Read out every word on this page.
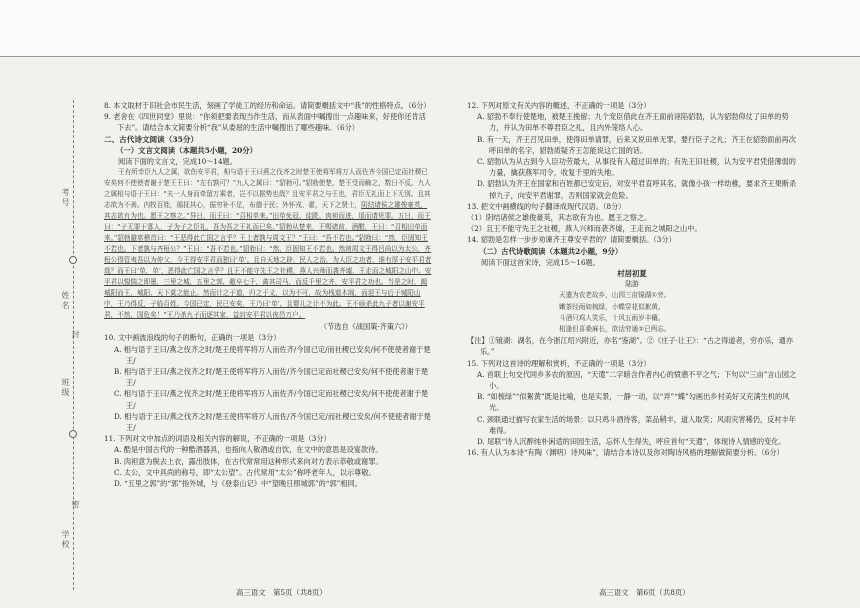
考号
姓名
封
班级
密
学校

8. 本文取材于旧社会市民生活，刻画了学徒工的经历和命运。请简要概括文中“我”的性格特点。（6分）

9. 老舍在《四世同堂》里说：“你须把要表现当作生活，而从表面中嘱搜出一点趣味来，好使你还肯活下去”。请结合本文简要分析“我”从委屈的生活中嘱搜出了哪些趣味。（6分）

二、古代诗文阅读（35分）

（一）文言文阅读（本题共5小题，20分）

阅读下面的文言文，完成10～14题。

王有所幸臣九人之属，欲伤安平君，相与语于王曰燕之伐齐之时楚王使将军将万人而佐齐今国已定而社稷已安矣何不使使者谢于楚王王曰：“左右孰可？”九人之属曰：“貂勃可。”貂勃使楚，楚王受而觞之，数日不反。九人之属相与语于王曰：“夫一人身而牵留万乘者，岂不以据势也哉？且安平君之与王也，君臣无礼而上下无别。且其志欲为不善。内牧百姓，循抚其心，振穷补不足，布德于民；外怀戎、翟，天下之贤士，阴结诸侯之雄俊豪英，其志欲有为也。愿王之察之。”异日，而王曰：“召相单来。”田单免冠、徒跣、肉袒而进，退而请死罪。五日，而王曰：“子无罪于寡人，子为子之臣礼，吾为吾之王礼而已矣。”貂勃从楚来，王赐诸前，酒酣，王曰：“召相田单而来。”貂勃避席稽首曰：“王恶得此亡国之言乎？王上者孰与周文王？”王曰：“吾不若也。”貂勃曰：“然，臣固知王不若也。下者孰与齐桓公？”王曰：“吾不若也。”貂勃曰：“然，臣固知王不若也。然则周文王得吕尚以为太公，齐桓公得管夷吾以为仲父，今王得安平君而独曰‘单’。且自天地之辟，民人之治，为人臣之功者，谁有厚于安平君者哉？而王曰‘单，单’，恶得此亡国之言乎？且王不能守先王之社稷，燕人兴师而袭齐墟，王走而之城阳之山中。安平君以惴惴之即墨，三里之城，五里之郭，敝卒七千，禽其司马，而反千里之齐，安平君之功也。当是之时，阖城阳而王，城阳、天下莫之能止。然而计之于道，归之于义，以为不可，故为栈道木阁，而迎王与后于城阳山中，王乃得反，子临百姓。今国已定，民已安矣，王乃曰‘单’。且婴儿之计不为此。王不亟杀此九子者以谢安平君，不然，国危矣！”王乃杀九子而逐其家，益封安平君以夜邑万户。

（节选自《战国策·齐策六》）

10. 文中画波浪线的句子的断句，正确的一项是（3分）

A. 相与语于王曰/燕之伐齐之时/楚王使将军将万人而佐齐/今国已定/而社稷已安矣/何不使使者谢于楚王/

B. 相与语于王曰/燕之伐齐之时/楚王使将军将万人而佐/齐今国已定而社稷已安矣/何不使使者谢于楚王/

C. 相与语于王曰/燕之伐齐之时/楚王使将军将万人而佐齐/今国已定而社稷已安矣/何不使使者谢于楚王/

D. 相与语于王曰/燕之伐齐之时/楚王使将军将万人而佐/齐今国已定/而社稷已安矣/何不使使者谢于楚王/

11. 下列对文中加点的词语及相关内容的解说，不正确的一项是（3分）

A. 酷是中国古代的一种酷酒器具，也指向人敬酒或自饮，在文中的意思是设宴款待。

B. 肉袒意为脱去上衣，露出肢体，在古代常常用这种形式来向对方表示恭敬或谢罪。

C. 太公，文中具尚的称号，即“太公望”。古代常用“太公”称呼老年人，以示尊敬。

D. “五里之郭”的“郭”指外城，与《登泰山记》中“望晚日照城郭”的“郭”相同。

12. 下列对原文有关内容的概述，不正确的一项是（3分）

A. 貂勃不奉行使楚地，被楚王挽留；九个宠臣借此在齐王面前诬陷貂勃，认为貂勃仰仗了田单的势力，并认为田单不尊君臣之礼，且内外笼络人心。

B. 有一天，齐王召见田单，使得田单请罪，后来又说田单无罪，要行臣子之礼；齐王在貂勃面前再次呼田单的名字，貂勃质疑齐王怎能说这亡国的话。

C. 貂勃认为从古到今人臣功劳最大，从事没有人超过田单的；有先王旧社稷，认为安平君凭借薄弱的力量，擒获燕军司令，收复千里的失地。

D. 貂勃认为齐王在国家和百姓都已安定后，对安平君直呼其名，就像小孩一样幼稚，要求齐王果断杀掉九子，向安平君谢罪，否则国家就会危险。

13. 把文中画横线的句子翻译成现代汉语。（8分）

（1）阴结诸侯之雄俊豪英，其志欲有为也。愿王之察之。

（2）且王不能守先王之社稷，燕人兴师而袭齐墟，王走而之城阳之山中。

14. 貂勃是怎样一步步劝谏齐王尊安平君的？请简要概括。（3分）

（二）古代诗歌阅读（本题共2小题，9分）

阅读下面这首宋诗，完成15～16题。

村居初夏

陆游

天遣为农老故乡，山园三亩镜湖①旁。

嫩茶经雨如梳绿，小蝶穿花似絮黄。

斗酒只鸡人笑乐，十风五雨岁丰穰。

相逢但喜桑麻长，欲话穷通②已两忘。

【注】①镜湖：湖名，在今浙江绍兴附近，亦名“鉴湖”。②《庄子·让王》：“古之得道者，穷亦乐，通亦乐。”

15. 下列对这首诗的理解和赏析，不正确的一项是（3分）

A. 首联上句交代同乡多农的原因，“天遣”二字暗含作者内心的愤懑不平之气；下句以“三亩”言山园之小。

B. “如梳绿”“似絮黄”既是比喻，也是实景，一静一动，以“弄”“蝶”勾画出乡村美好又充满生机的风光。

C. 颈联通过描写农家生活的场景：以只鸡斗酒待客，菜品稍丰，道人取笑；风雨灾害稀仍，反衬丰年难得。

D. 尾联“诗人沉醉纯朴闲适的田园生活，忘怀人生得失，呼应首句“天遣”，体现诗人情感的变化。

16. 有人认为本诗“有陶（渊明）诗风味”，请结合本诗以及你对陶诗风格的理解做简要分析。（6分）

高三语文　第5页（共8页）	高三语文　第6页（共8页）
